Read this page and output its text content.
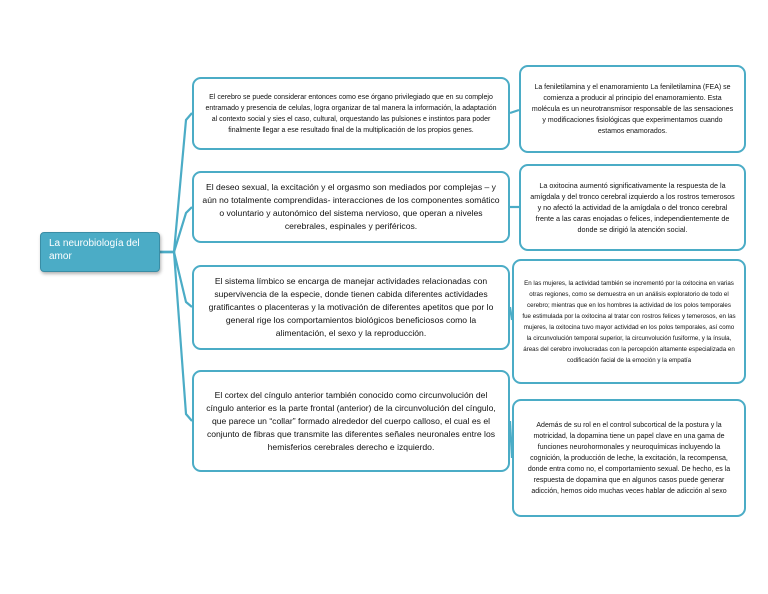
La neurobiología del amor
El cerebro se puede considerar entonces como ese órgano privilegiado que en su complejo entramado y presencia de celulas, logra organizar de tal manera la información, la adaptación al contexto social y sies el caso, cultural, orquestando las pulsiones e instintos para poder finalmente llegar a ese resultado final de la multiplicación de los propios genes.
El deseo sexual, la excitación y el orgasmo son mediados por complejas – y aún no totalmente comprendidas- interacciones de los componentes somático o voluntario y autonómico del sistema nervioso, que operan a niveles cerebrales, espinales y periféricos.
El sistema límbico se encarga de manejar actividades relacionadas con supervivencia de la especie, donde tienen cabida diferentes actividades gratificantes o placenteras y la motivación de diferentes apetitos que por lo general rige los comportamientos biológicos beneficiosos como la alimentación, el sexo y la reproducción.
El cortex del cíngulo anterior también conocido como circunvolución del cíngulo anterior es la parte frontal (anterior) de la circunvolución del cíngulo, que parece un “collar” formado alrededor del cuerpo calloso, el cual es el conjunto de fibras que transmite las diferentes señales neuronales entre los hemisferios cerebrales derecho e izquierdo.
La feniletilamina y el enamoramiento La feniletilamina (FEA) se comienza a producir al principio del enamoramiento. Esta molécula es un neurotransmisor responsable de las sensaciones y modificaciones fisiológicas que experimentamos cuando estamos enamorados.
La oxitocina aumentó significativamente la respuesta de la amígdala y del tronco cerebral izquierdo a los rostros temerosos y no afectó la actividad de la amígdala o del tronco cerebral frente a las caras enojadas o felices, independientemente de donde se dirigió la atención social.
En las mujeres, la actividad también se incrementó por la oxitocina en varias otras regiones, como se demuestra en un análisis exploratorio de todo el cerebro; mientras que en los hombres la actividad de los polos temporales fue estimulada por la oxitocina al tratar con rostros felices y temerosos, en las mujeres, la oxitocina tuvo mayor actividad en los polos temporales, así como la circunvolución temporal superior, la circunvolución fusiforme, y la ínsula, áreas del cerebro involucradas con la percepción altamente especializada en codificación facial de la emoción y la empatía
Además de su rol en el control subcortical de la postura y la motricidad, la dopamina tiene un papel clave en una gama de funciones neurohormonales y neuroquímicas incluyendo la cognición, la producción de leche, la excitación, la recompensa, donde entra como no, el comportamiento sexual. De hecho, es la respuesta de dopamina que en algunos casos puede generar adicción, hemos oido muchas veces hablar de adicción al sexo
